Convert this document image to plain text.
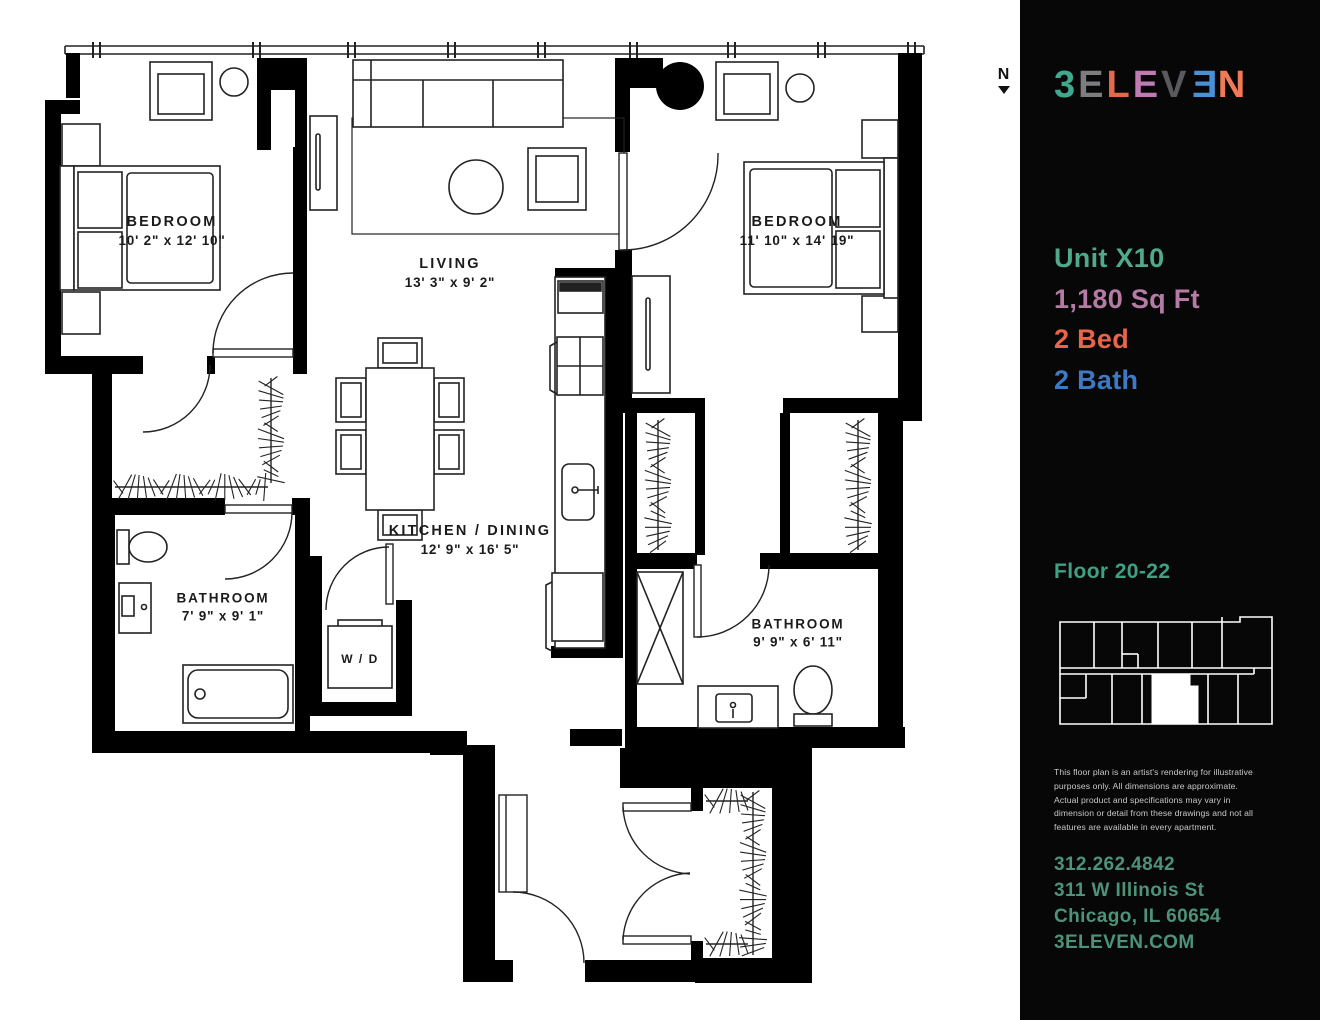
BEDROOM
10' 2" x 12' 10"
LIVING
13' 3" x 9' 2"
BEDROOM
11' 10" x 14' 19"
KITCHEN / DINING
12' 9" x 16' 5"
BATHROOM
7' 9" x 9' 1"
BATHROOM
9' 9" x 6' 11"
W / D
N 3ELEVEN
Unit X10
1,180 Sq Ft
2 Bed
2 Bath
Floor 20-22
This floor plan is an artist's rendering for illustrative purposes only. All dimensions are approximate. Actual product and specifications may vary in dimension or detail from these drawings and not all features are available in every apartment.
312.262.4842
311 W Illinois St
Chicago, IL 60654
3ELEVEN.COM
